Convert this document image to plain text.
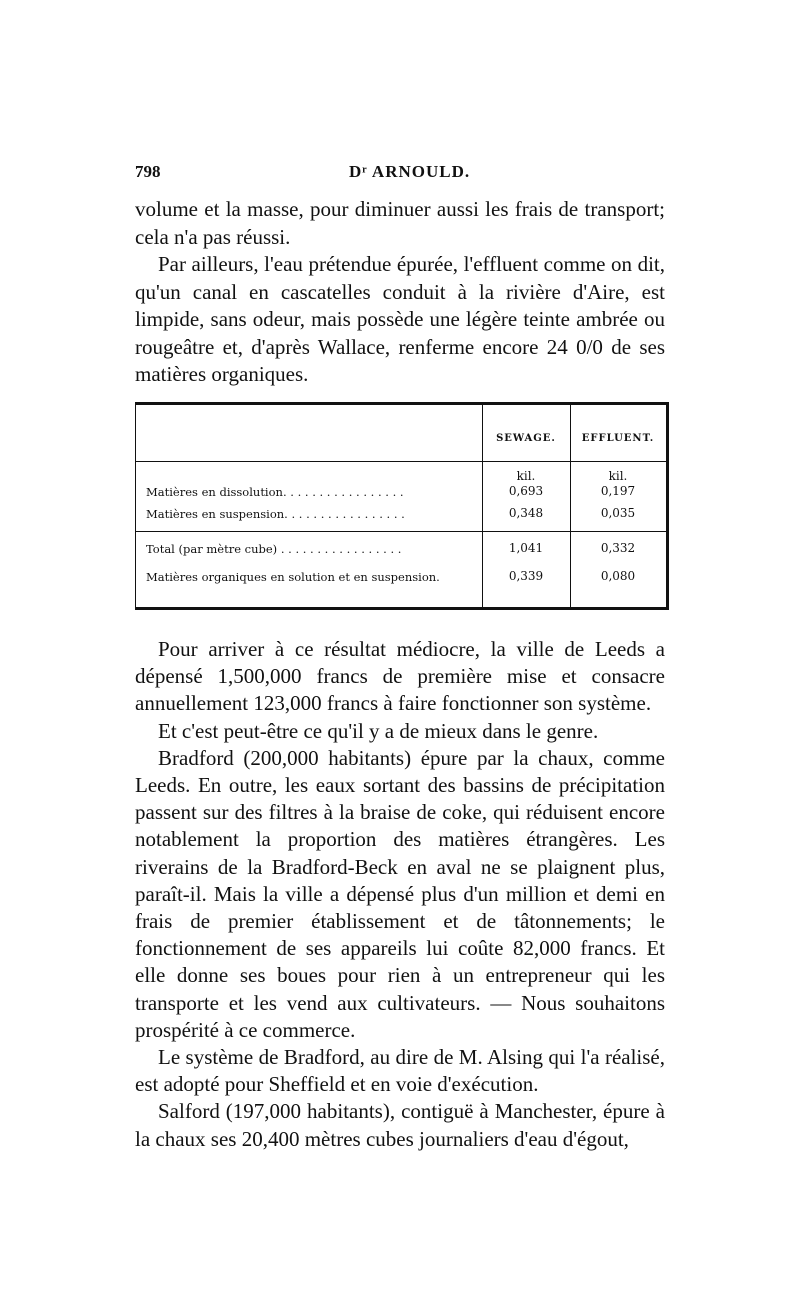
798	Dʳ ARNOULD.

volume et la masse, pour diminuer aussi les frais de transport; cela n'a pas réussi.

Par ailleurs, l'eau prétendue épurée, l'effluent comme on dit, qu'un canal en cascatelles conduit à la rivière d'Aire, est limpide, sans odeur, mais possède une légère teinte ambrée ou rougeâtre et, d'après Wallace, renferme encore 24 0/0 de ses matières organiques.

SEWAGE.	EFFLUENT.
kil.	kil.
Matières en dissolution. . . . . . . . . . . . . . . . .	0,693	0,197
Matières en suspension. . . . . . . . . . . . . . . . .	0,348	0,035
Total (par mètre cube) . . . . . . . . . . . . . . . . .	1,041	0,332
Matières organiques en solution et en suspension.	0,339	0,080

Pour arriver à ce résultat médiocre, la ville de Leeds a dépensé 1,500,000 francs de première mise et consacre annuellement 123,000 francs à faire fonctionner son système.

Et c'est peut-être ce qu'il y a de mieux dans le genre.

Bradford (200,000 habitants) épure par la chaux, comme Leeds. En outre, les eaux sortant des bassins de précipitation passent sur des filtres à la braise de coke, qui réduisent encore notablement la proportion des matières étrangères. Les riverains de la Bradford-Beck en aval ne se plaignent plus, paraît-il. Mais la ville a dépensé plus d'un million et demi en frais de premier établissement et de tâtonnements; le fonctionnement de ses appareils lui coûte 82,000 francs. Et elle donne ses boues pour rien à un entrepreneur qui les transporte et les vend aux cultivateurs. — Nous souhaitons prospérité à ce commerce.

Le système de Bradford, au dire de M. Alsing qui l'a réalisé, est adopté pour Sheffield et en voie d'exécution.

Salford (197,000 habitants), contiguë à Manchester, épure à la chaux ses 20,400 mètres cubes journaliers d'eau d'égout,
